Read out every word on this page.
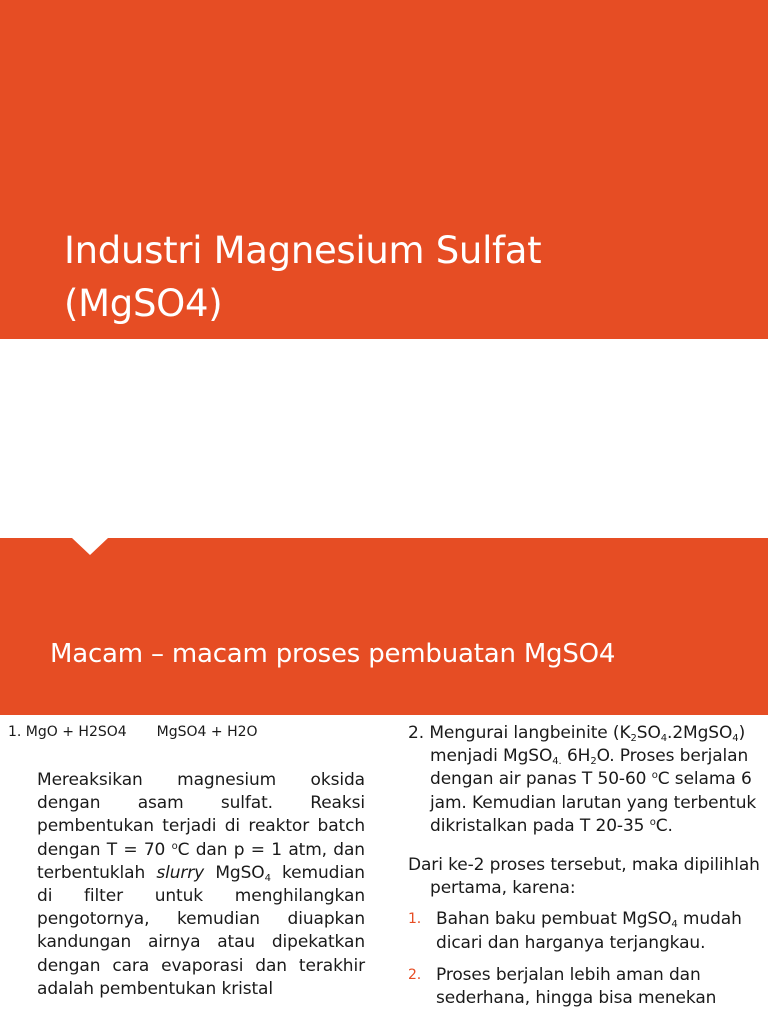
Industri Magnesium Sulfat
(MgSO4)
Macam – macam proses pembuatan MgSO4

1. MgO + H2SO4 MgSO4 + H2O

Mereaksikan magnesium oksida dengan asam sulfat. Reaksi pembentukan terjadi di reaktor batch dengan T = 70 $^o$C dan p = 1 atm, dan terbentuklah slurry MgSO$_4$ kemudian di filter untuk menghilangkan pengotornya, kemudian diuapkan kandungan airnya atau dipekatkan dengan cara evaporasi dan terakhir adalah pembentukan kristal

2. Mengurai langbeinite $(K_2SO_4.2MgSO_4)$ menjadi MgSO$_{4.}$ $6H_2O$. Proses berjalan dengan air panas T 50-60 $^o$C selama 6 jam. Kemudian larutan yang terbentuk dikristalkan pada T 20-35 $^o$C.

Dari ke-2 proses tersebut, maka dipilihlah pertama, karena:

1. Bahan baku pembuat MgSO$_4$ mudah dicari dan harganya terjangkau.
2. Proses berjalan lebih aman dan sederhana, hingga bisa menekan
